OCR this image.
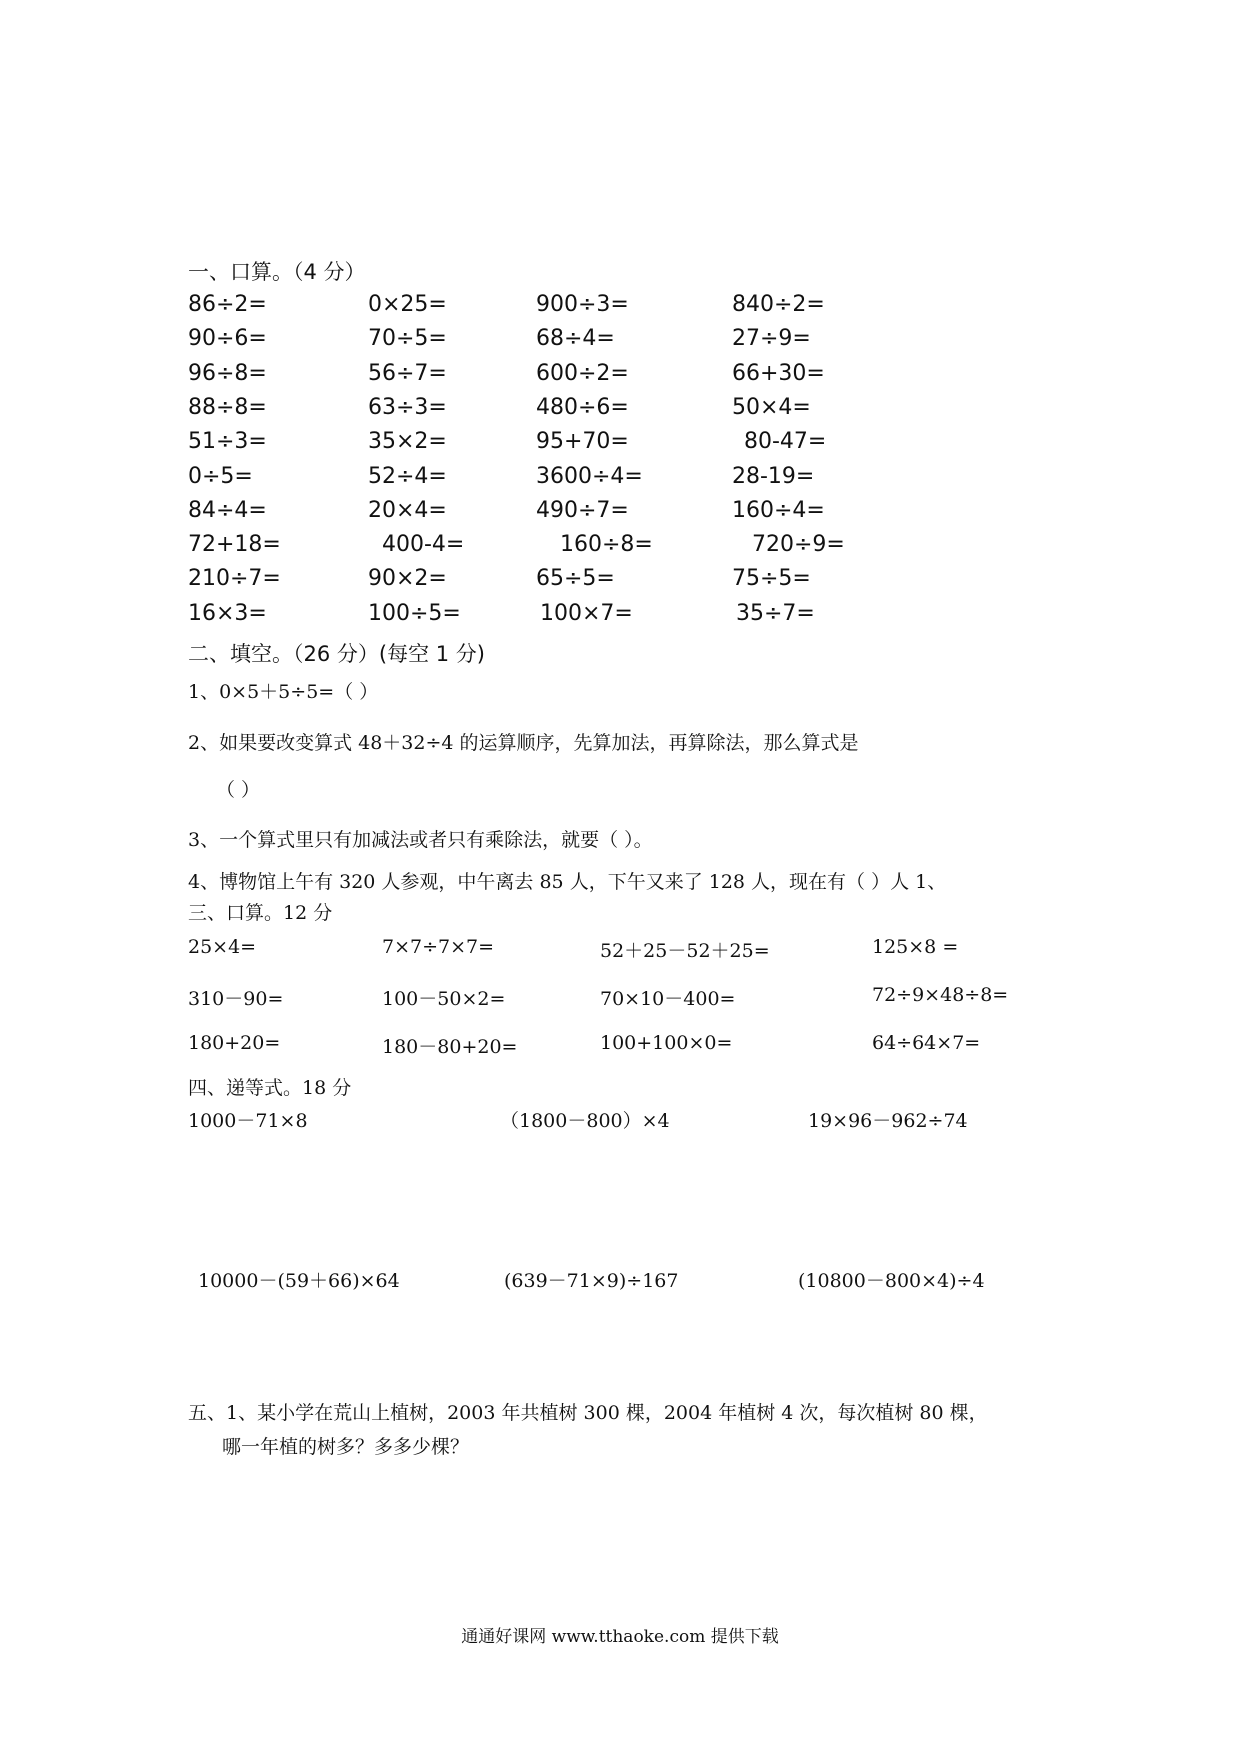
一、口算。（4 分）
86÷2=	0×25=	900÷3=	840÷2=
90÷6=	70÷5=	68÷4=	27÷9=
96÷8=	56÷7=	600÷2=	66+30=
88÷8=	63÷3=	480÷6=	50×4=
51÷3=	35×2=	95+70=	80-47=
0÷5=	52÷4=	3600÷4=	28-19=
84÷4=	20×4=	490÷7=	160÷4=
72+18=	400-4=	160÷8=	720÷9=
210÷7=	90×2=	65÷5=	75÷5=
16×3=	100÷5=	100×7=	35÷7=
二、填空。（26 分）(每空 1 分)
1、0×5＋5÷5=（ ）
2、如果要改变算式 48＋32÷4 的运算顺序，先算加法，再算除法，那么算式是
（ ）
3、一个算式里只有加减法或者只有乘除法，就要（ ）。
4、博物馆上午有 320 人参观，中午离去 85 人，下午又来了 128 人，现在有（ ）人 1、
三、口算。12 分
25×4=	7×7÷7×7=	52＋25－52＋25=	125×8 =
310－90=	100－50×2=	70×10－400=	72÷9×48÷8=
180+20=	180－80+20=	100+100×0=	64÷64×7=
四、递等式。18 分
1000－71×8	（1800－800）×4	19×96－962÷74
10000－(59＋66)×64	(639－71×9)÷167	(10800－800×4)÷4
五、1、某小学在荒山上植树，2003 年共植树 300 棵，2004 年植树 4 次，每次植树 80 棵，
哪一年植的树多？多多少棵？
通通好课网 www.tthaoke.com 提供下载
